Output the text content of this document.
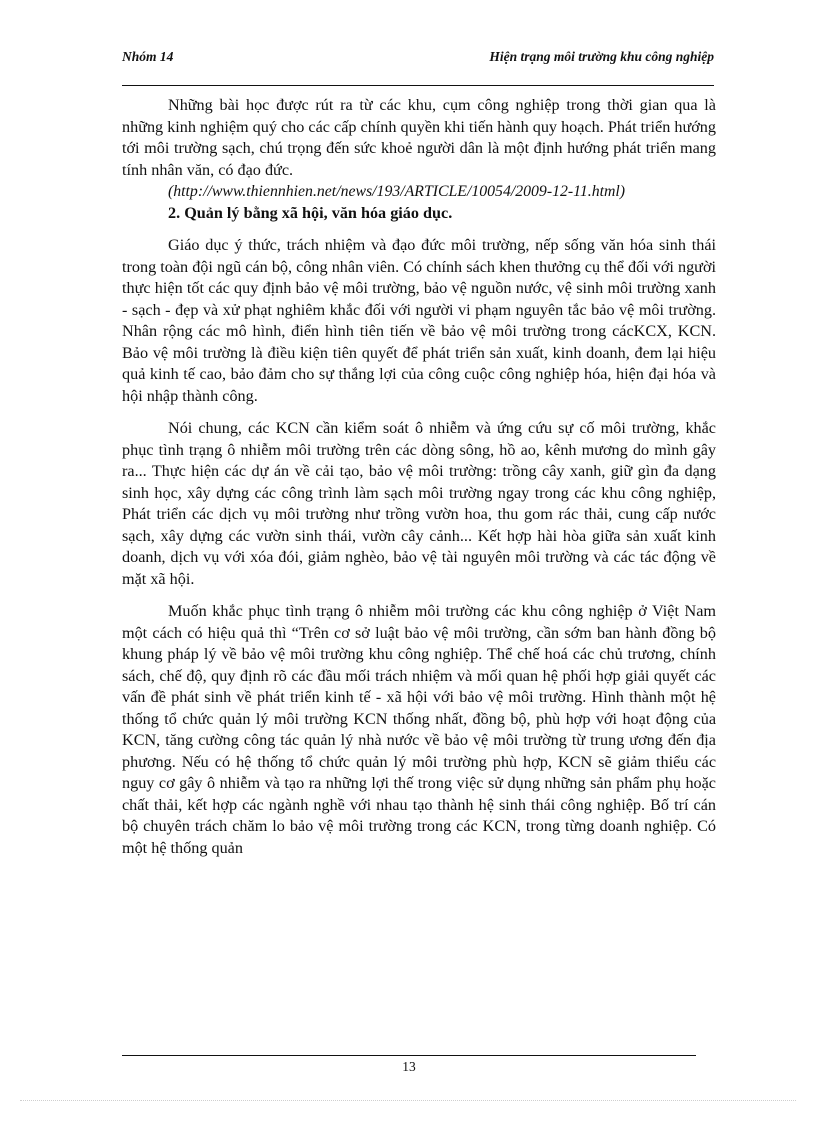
Nhóm 14	Hiện trạng môi trường khu công nghiệp

Những bài học được rút ra từ các khu, cụm công nghiệp trong thời gian qua là những kinh nghiệm quý cho các cấp chính quyền khi tiến hành quy hoạch. Phát triển hướng tới môi trường sạch, chú trọng đến sức khoẻ người dân là một định hướng phát triển mang tính nhân văn, có đạo đức.

(http://www.thiennhien.net/news/193/ARTICLE/10054/2009-12-11.html)

2. Quản lý bằng xã hội, văn hóa giáo dục.

Giáo dục ý thức, trách nhiệm và đạo đức môi trường, nếp sống văn hóa sinh thái trong toàn đội ngũ cán bộ, công nhân viên. Có chính sách khen thưởng cụ thể đối với người thực hiện tốt các quy định bảo vệ môi trường, bảo vệ nguồn nước, vệ sinh môi trường xanh - sạch - đẹp và xử phạt nghiêm khắc đối với người vi phạm nguyên tắc bảo vệ môi trường. Nhân rộng các mô hình, điển hình tiên tiến về bảo vệ môi trường trong cácKCX, KCN. Bảo vệ môi trường là điều kiện tiên quyết để phát triển sản xuất, kinh doanh, đem lại hiệu quả kinh tế cao, bảo đảm cho sự thắng lợi của công cuộc công nghiệp hóa, hiện đại hóa và hội nhập thành công.

Nói chung, các KCN cần kiểm soát ô nhiễm và ứng cứu sự cố môi trường, khắc phục tình trạng ô nhiễm môi trường trên các dòng sông, hồ ao, kênh mương do mình gây ra... Thực hiện các dự án về cải tạo, bảo vệ môi trường: trồng cây xanh, giữ gìn đa dạng sinh học, xây dựng các công trình làm sạch môi trường ngay trong các khu công nghiệp, Phát triển các dịch vụ môi trường như trồng vườn hoa, thu gom rác thải, cung cấp nước sạch, xây dựng các vườn sinh thái, vườn cây cảnh... Kết hợp hài hòa giữa sản xuất kinh doanh, dịch vụ với xóa đói, giảm nghèo, bảo vệ tài nguyên môi trường và các tác động về mặt xã hội.

Muốn khắc phục tình trạng ô nhiễm môi trường các khu công nghiệp ở Việt Nam một cách có hiệu quả thì “Trên cơ sở luật bảo vệ môi trường, cần sớm ban hành đồng bộ khung pháp lý về bảo vệ môi trường khu công nghiệp. Thể chế hoá các chủ trương, chính sách, chế độ, quy định rõ các đầu mối trách nhiệm và mối quan hệ phối hợp giải quyết các vấn đề phát sinh về phát triển kinh tế - xã hội với bảo vệ môi trường. Hình thành một hệ thống tổ chức quản lý môi trường KCN thống nhất, đồng bộ, phù hợp với hoạt động của KCN, tăng cường công tác quản lý nhà nước về bảo vệ môi trường từ trung ương đến địa phương. Nếu có hệ thống tổ chức quản lý môi trường phù hợp, KCN sẽ giảm thiểu các nguy cơ gây ô nhiễm và tạo ra những lợi thế trong việc sử dụng những sản phẩm phụ hoặc chất thải, kết hợp các ngành nghề với nhau tạo thành hệ sinh thái công nghiệp. Bố trí cán bộ chuyên trách chăm lo bảo vệ môi trường trong các KCN, trong từng doanh nghiệp. Có một hệ thống quản

13
